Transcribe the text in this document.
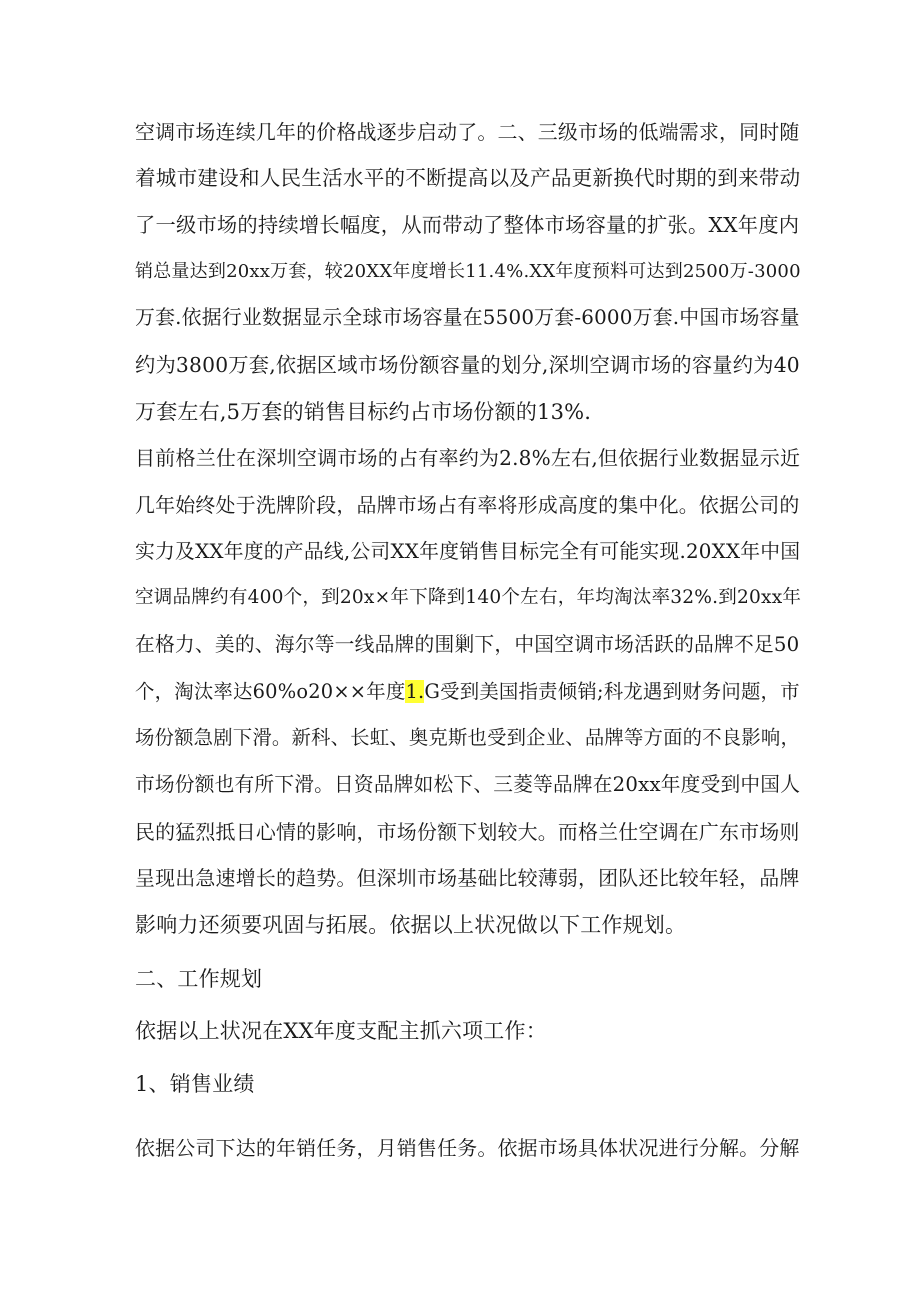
空调市场连续几年的价格战逐步启动了。二、三级市场的低端需求，同时随
着城市建设和人民生活水平的不断提高以及产品更新换代时期的到来带动
了一级市场的持续增长幅度，从而带动了整体市场容量的扩张。XX年度内
销总量达到20xx万套，较20XX年度增长11.4%.XX年度预料可达到2500万-3000
万套.依据行业数据显示全球市场容量在5500万套-6000万套.中国市场容量
约为3800万套,依据区域市场份额容量的划分,深圳空调市场的容量约为40
万套左右,5万套的销售目标约占市场份额的13%.
目前格兰仕在深圳空调市场的占有率约为2.8%左右,但依据行业数据显示近
几年始终处于洗牌阶段，品牌市场占有率将形成高度的集中化。依据公司的
实力及XX年度的产品线,公司XX年度销售目标完全有可能实现.20XX年中国
空调品牌约有400个，到20x×年下降到140个左右，年均淘汰率32%.到20xx年
在格力、美的、海尔等一线品牌的围剿下，中国空调市场活跃的品牌不足50
个，淘汰率达60%o20××年度1.G受到美国指责倾销;科龙遇到财务问题，市
场份额急剧下滑。新科、长虹、奥克斯也受到企业、品牌等方面的不良影响，
市场份额也有所下滑。日资品牌如松下、三菱等品牌在20xx年度受到中国人
民的猛烈抵日心情的影响，市场份额下划较大。而格兰仕空调在广东市场则
呈现出急速增长的趋势。但深圳市场基础比较薄弱，团队还比较年轻，品牌
影响力还须要巩固与拓展。依据以上状况做以下工作规划。
二、工作规划
依据以上状况在XX年度支配主抓六项工作：
1、销售业绩
依据公司下达的年销任务，月销售任务。依据市场具体状况进行分解。分解
